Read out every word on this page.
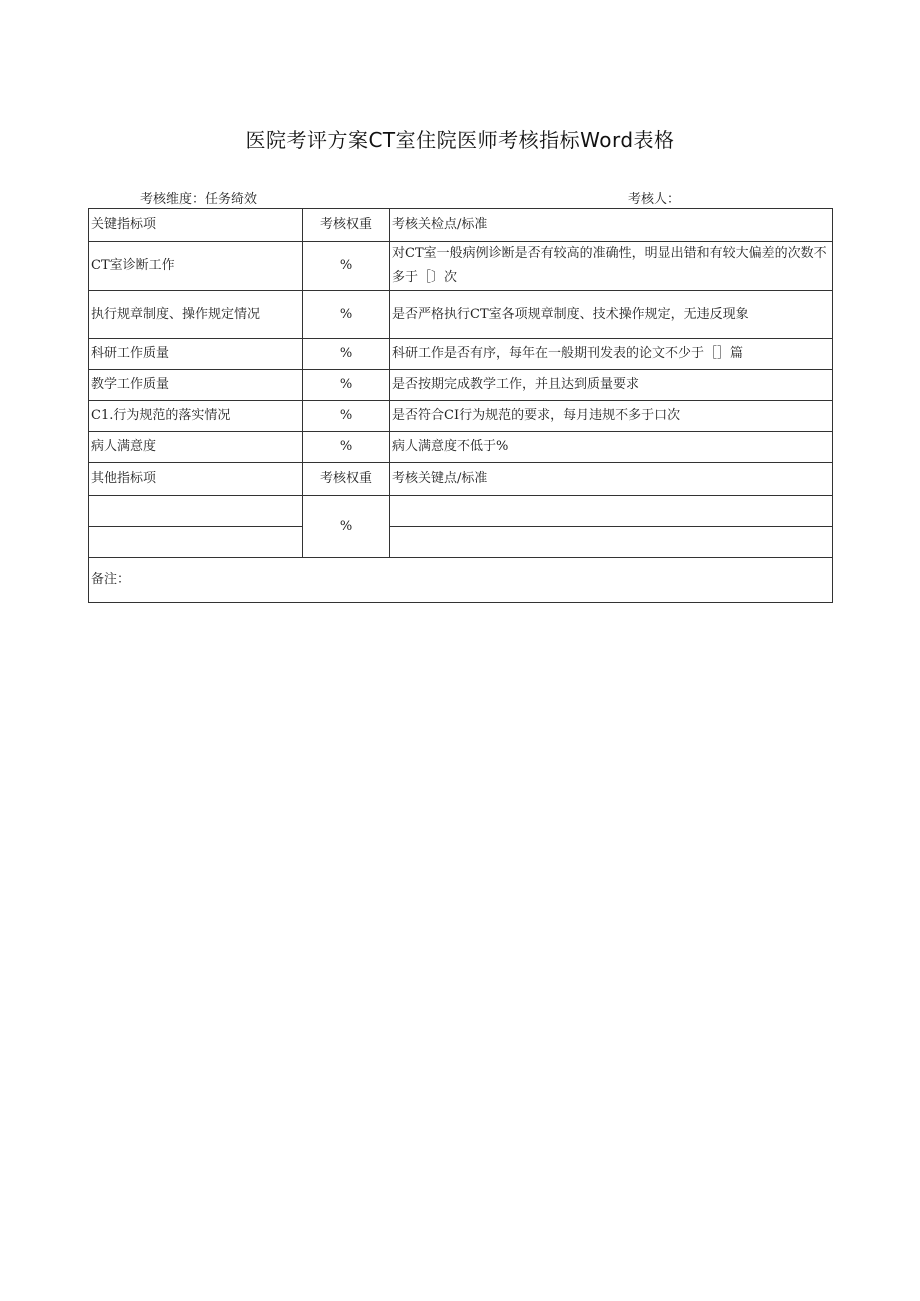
医院考评方案CT室住院医师考核指标Word表格
考核维度：任务绮效	考核人：
关键指标项	考核权重	考核关检点/标准
CT室诊断工作	%	对CT室一般病例诊断是否有较高的准确性，明显出错和有较大偏差的次数不多于［〕次
执行规章制度、操作规定情况	%	是否严格执行CT室各项规章制度、技术操作规定，无违反现象
科研工作质量	%	科研工作是否有序，每年在一般期刊发表的论文不少于［］篇
教学工作质量	%	是否按期完成教学工作，并且达到质量要求
C1.行为规范的落实情况	%	是否符合CI行为规范的要求，每月违规不多于口次
病人满意度	%	病人满意度不低于%
其他指标项	考核权重	考核关键点/标准
	%	

备注：		
